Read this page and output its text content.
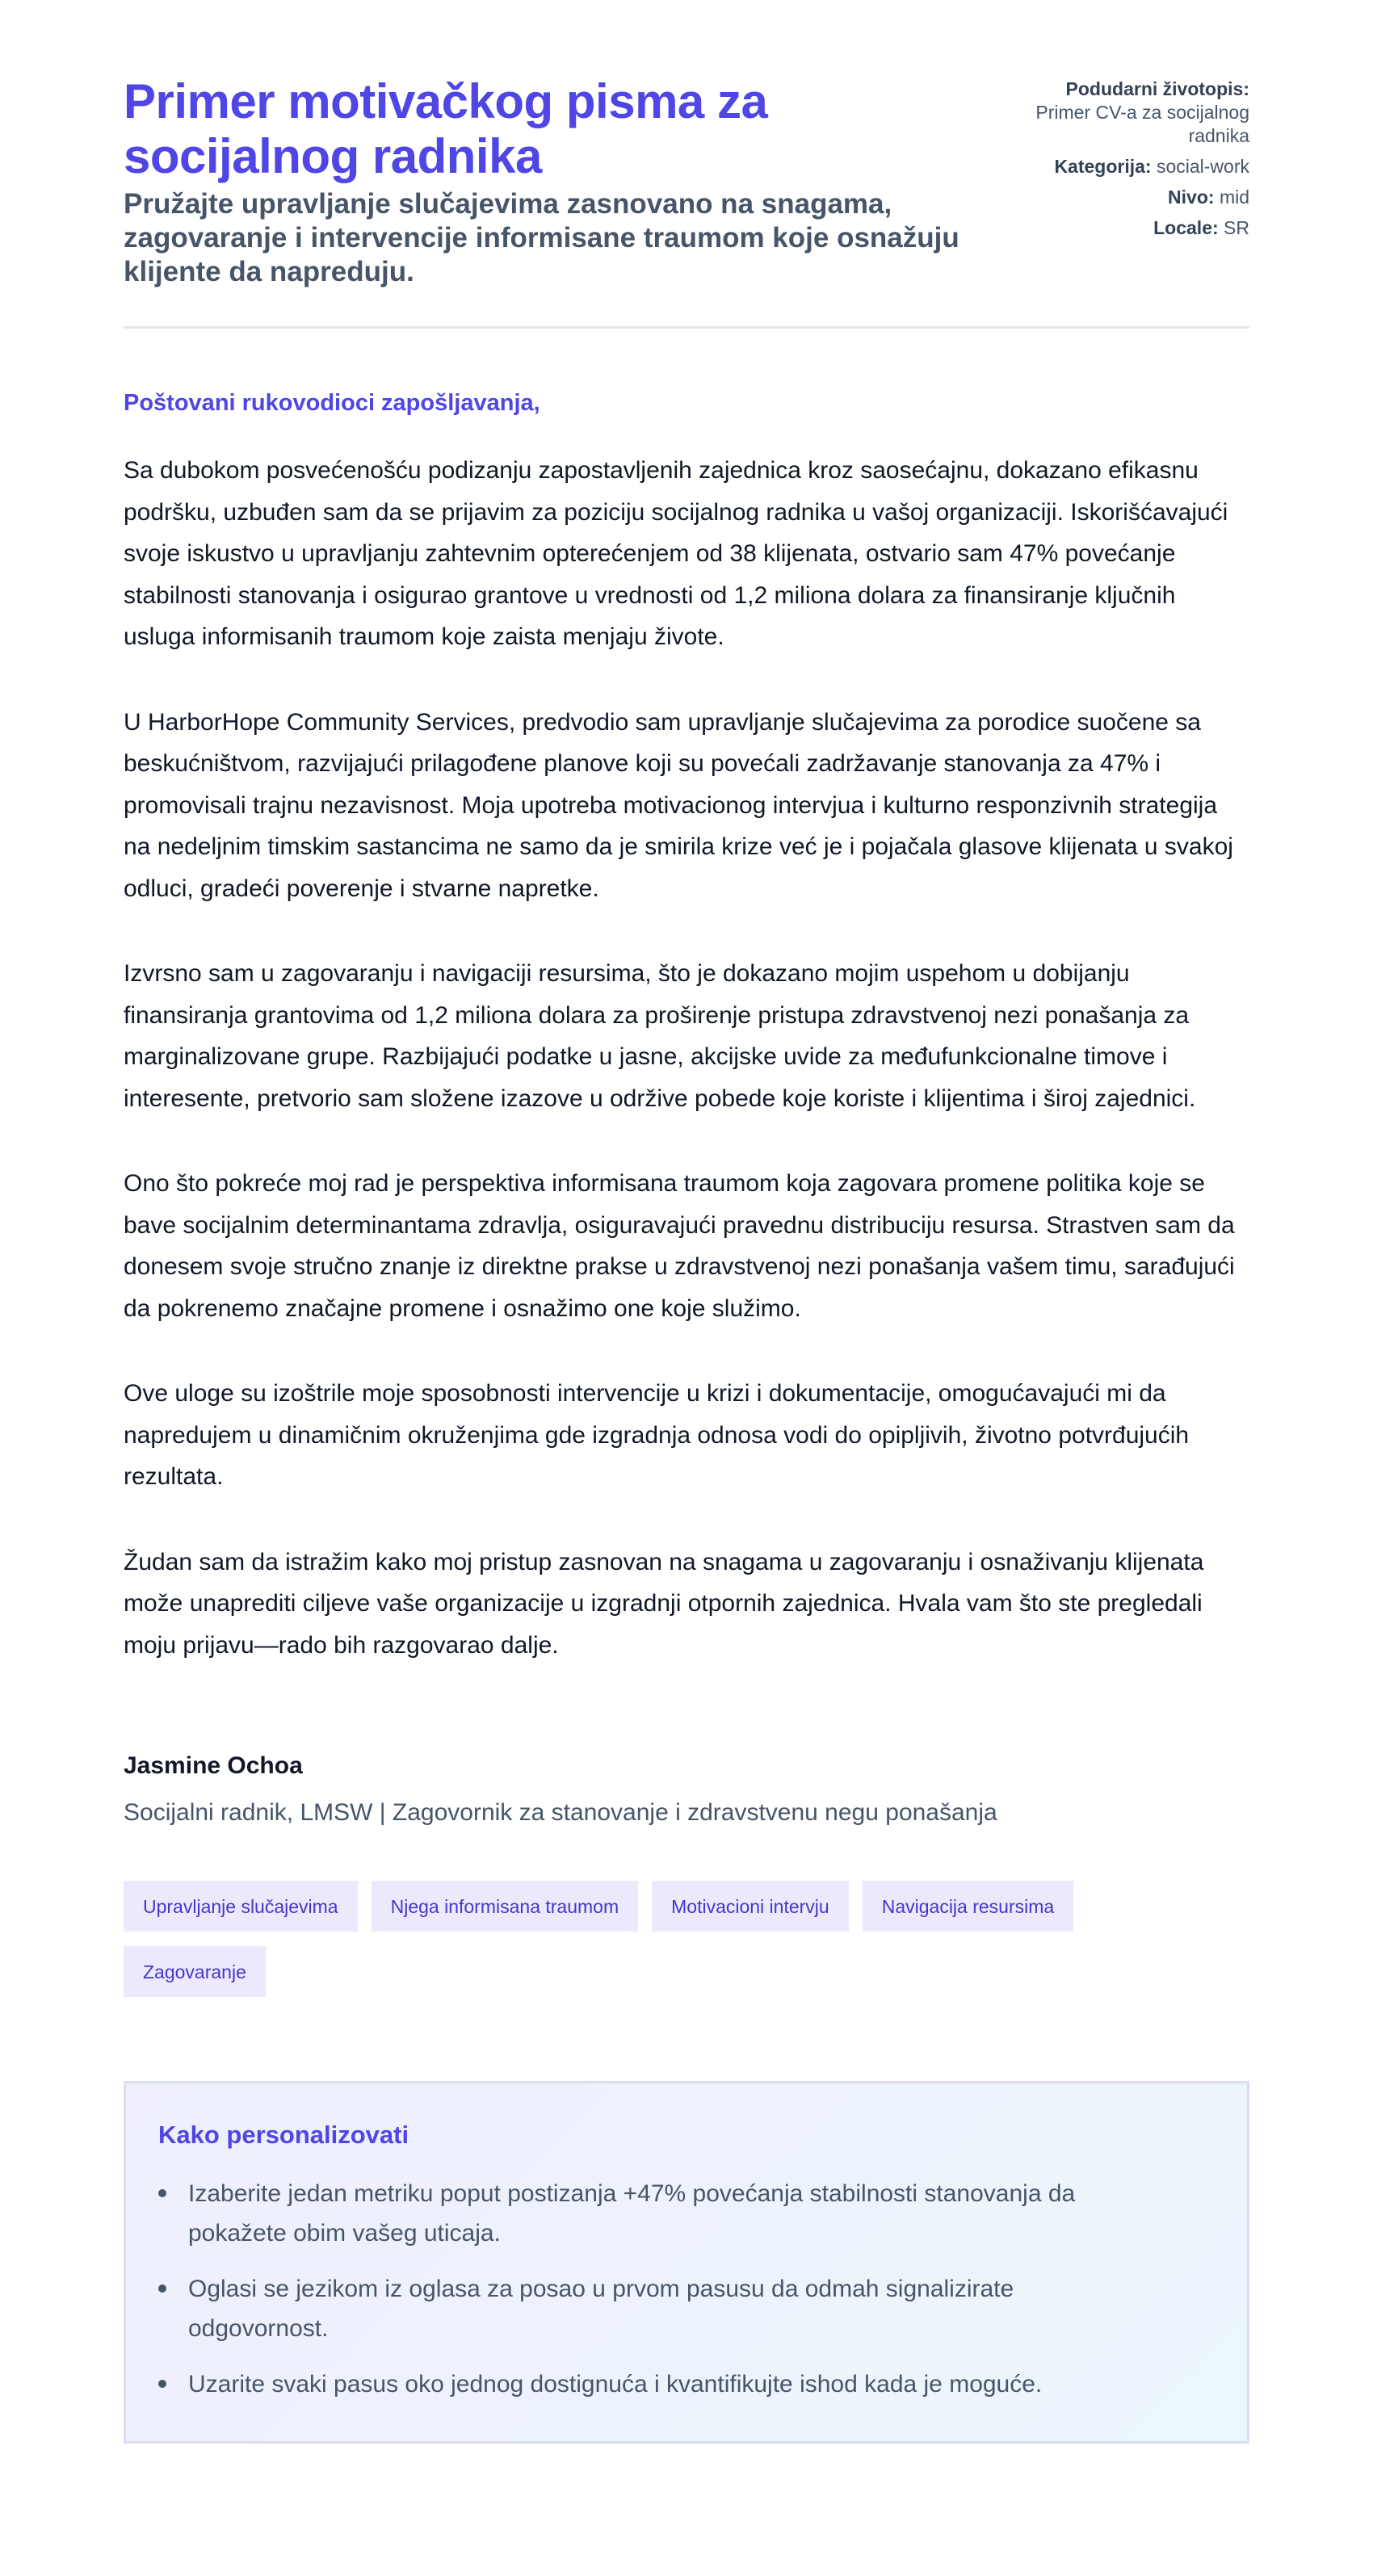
Primer motivačkog pisma za socijalnog radnika
Pružajte upravljanje slučajevima zasnovano na snagama, zagovaranje i intervencije informisane traumom koje osnažuju klijente da napreduju.
Podudarni životopis: Primer CV-a za socijalnog radnika
Kategorija: social-work
Nivo: mid
Locale: SR

Poštovani rukovodioci zapošljavanja,

Sa dubokom posvećenošću podizanju zapostavljenih zajednica kroz saosećajnu, dokazano efikasnu podršku, uzbuđen sam da se prijavim za poziciju socijalnog radnika u vašoj organizaciji. Iskorišćavajući svoje iskustvo u upravljanju zahtevnim opterećenjem od 38 klijenata, ostvario sam 47% povećanje stabilnosti stanovanja i osigurao grantove u vrednosti od 1,2 miliona dolara za finansiranje ključnih usluga informisanih traumom koje zaista menjaju živote.

U HarborHope Community Services, predvodio sam upravljanje slučajevima za porodice suočene sa beskućništvom, razvijajući prilagođene planove koji su povećali zadržavanje stanovanja za 47% i promovisali trajnu nezavisnost. Moja upotreba motivacionog intervjua i kulturno responzivnih strategija na nedeljnim timskim sastancima ne samo da je smirila krize već je i pojačala glasove klijenata u svakoj odluci, gradeći poverenje i stvarne napretke.

Izvrsno sam u zagovaranju i navigaciji resursima, što je dokazano mojim uspehom u dobijanju finansiranja grantovima od 1,2 miliona dolara za proširenje pristupa zdravstvenoj nezi ponašanja za marginalizovane grupe. Razbijajući podatke u jasne, akcijske uvide za međufunkcionalne timove i interesente, pretvorio sam složene izazove u održive pobede koje koriste i klijentima i široj zajednici.

Ono što pokreće moj rad je perspektiva informisana traumom koja zagovara promene politika koje se bave socijalnim determinantama zdravlja, osiguravajući pravednu distribuciju resursa. Strastven sam da donesem svoje stručno znanje iz direktne prakse u zdravstvenoj nezi ponašanja vašem timu, sarađujući da pokrenemo značajne promene i osnažimo one koje služimo.

Ove uloge su izoštrile moje sposobnosti intervencije u krizi i dokumentacije, omogućavajući mi da napredujem u dinamičnim okruženjima gde izgradnja odnosa vodi do opipljivih, životno potvrđujućih rezultata.

Žudan sam da istražim kako moj pristup zasnovan na snagama u zagovaranju i osnaživanju klijenata može unaprediti ciljeve vaše organizacije u izgradnji otpornih zajednica. Hvala vam što ste pregledali moju prijavu—rado bih razgovarao dalje.

Jasmine Ochoa
Socijalni radnik, LMSW | Zagovornik za stanovanje i zdravstvenu negu ponašanja
Upravljanje slučajevima	Njega informisana traumom	Motivacioni intervju	Navigacija resursima
Zagovaranje
Kako personalizovati
Izaberite jedan metriku poput postizanja +47% povećanja stabilnosti stanovanja da pokažete obim vašeg uticaja.
Oglasi se jezikom iz oglasa za posao u prvom pasusu da odmah signalizirate odgovornost.
Uzarite svaki pasus oko jednog dostignuća i kvantifikujte ishod kada je moguće.
